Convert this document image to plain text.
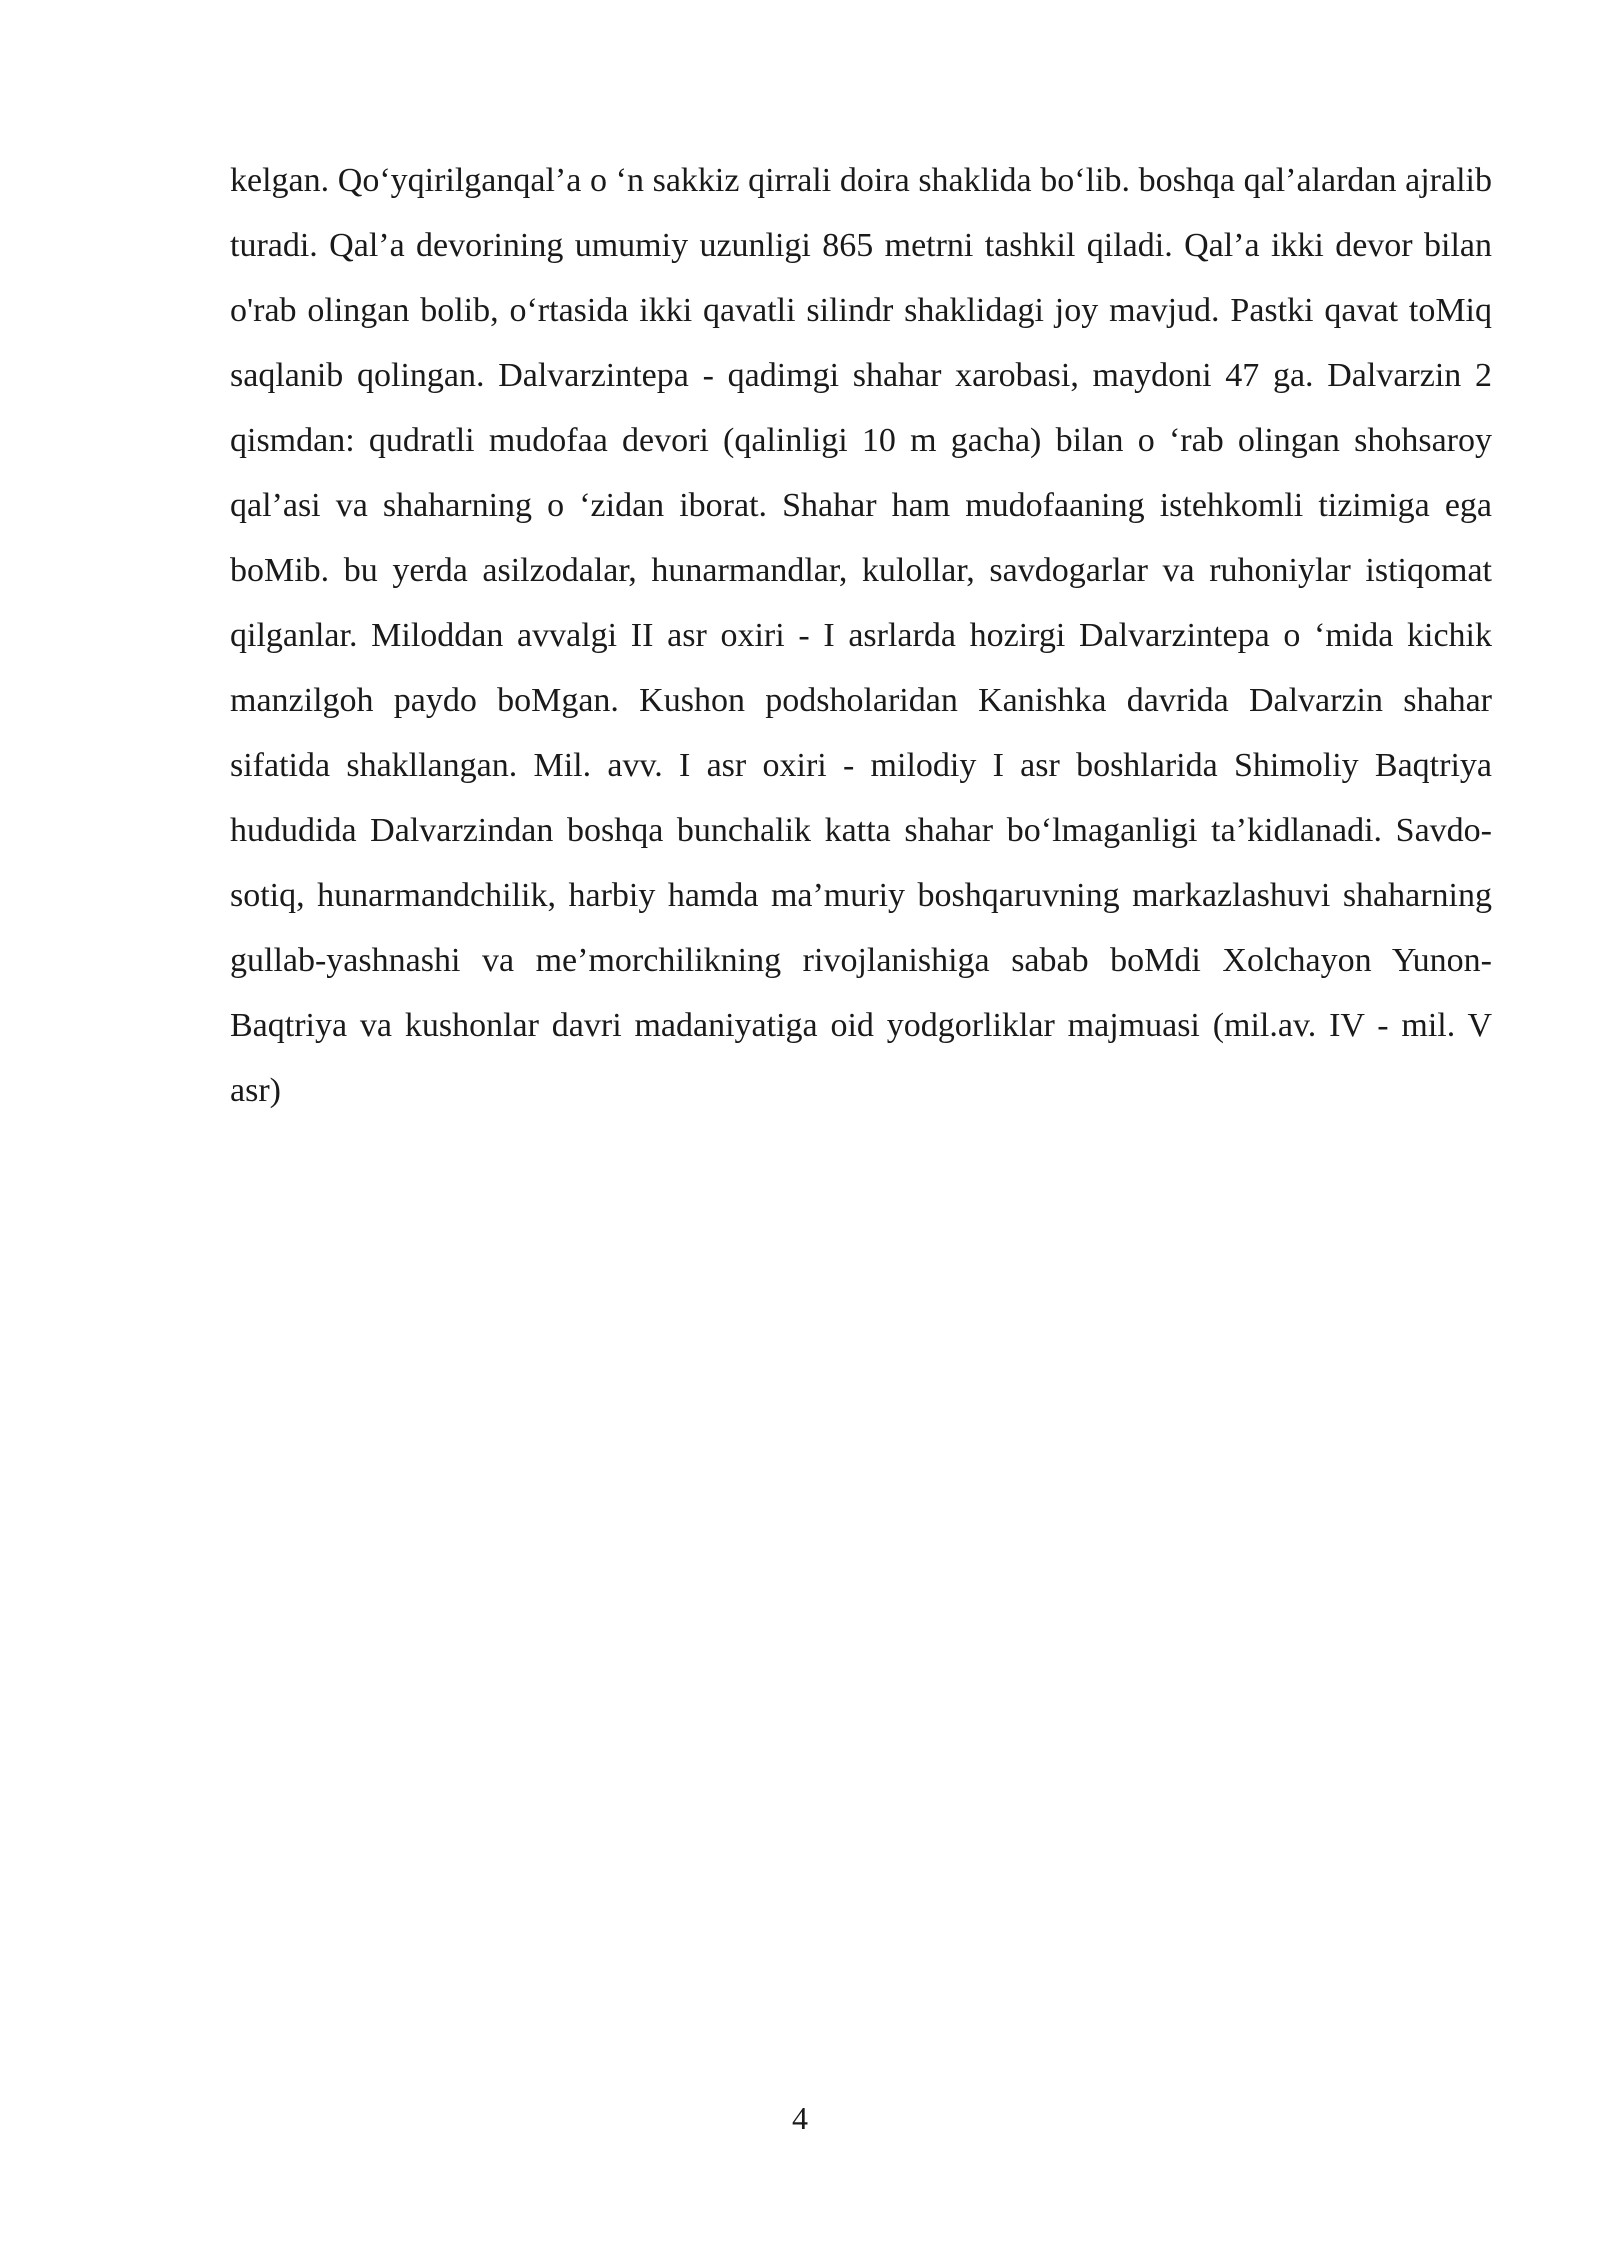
kelgan. Qo‘yqirilganqal’a o ‘n sakkiz qirrali doira shaklida bo‘lib. boshqa qal’alardan ajralib turadi. Qal’a devorining umumiy uzunligi 865 metrni tashkil qiladi. Qal’a ikki devor bilan o'rab olingan bolib, o‘rtasida ikki qavatli silindr shaklidagi joy mavjud. Pastki qavat toMiq saqlanib qolingan. Dalvarzintepa - qadimgi shahar xarobasi, maydoni 47 ga. Dalvarzin 2 qismdan: qudratli mudofaa devori (qalinligi 10 m gacha) bilan o ‘rab olingan shohsaroy qal’asi va shaharning o ‘zidan iborat. Shahar ham mudofaaning istehkomli tizimiga ega boMib. bu yerda asilzodalar, hunarmandlar, kulollar, savdogarlar va ruhoniylar istiqomat qilganlar. Miloddan avvalgi II asr oxiri - I asrlarda hozirgi Dalvarzintepa o ‘mida kichik manzilgoh paydo boMgan. Kushon podsholaridan Kanishka davrida Dalvarzin shahar sifatida shakllangan. Mil. avv. I asr oxiri - milodiy I asr boshlarida Shimoliy Baqtriya hududida Dalvarzindan boshqa bunchalik katta shahar bo‘lmaganligi ta’kidlanadi. Savdo-sotiq, hunarmandchilik, harbiy hamda ma’muriy boshqaruvning markazlashuvi shaharning gullab-yashnashi va me’morchilikning rivojlanishiga sabab boMdi Xolchayon Yunon-Baqtriya va kushonlar davri madaniyatiga oid yodgorliklar majmuasi (mil.av. IV - mil. V asr)

4
